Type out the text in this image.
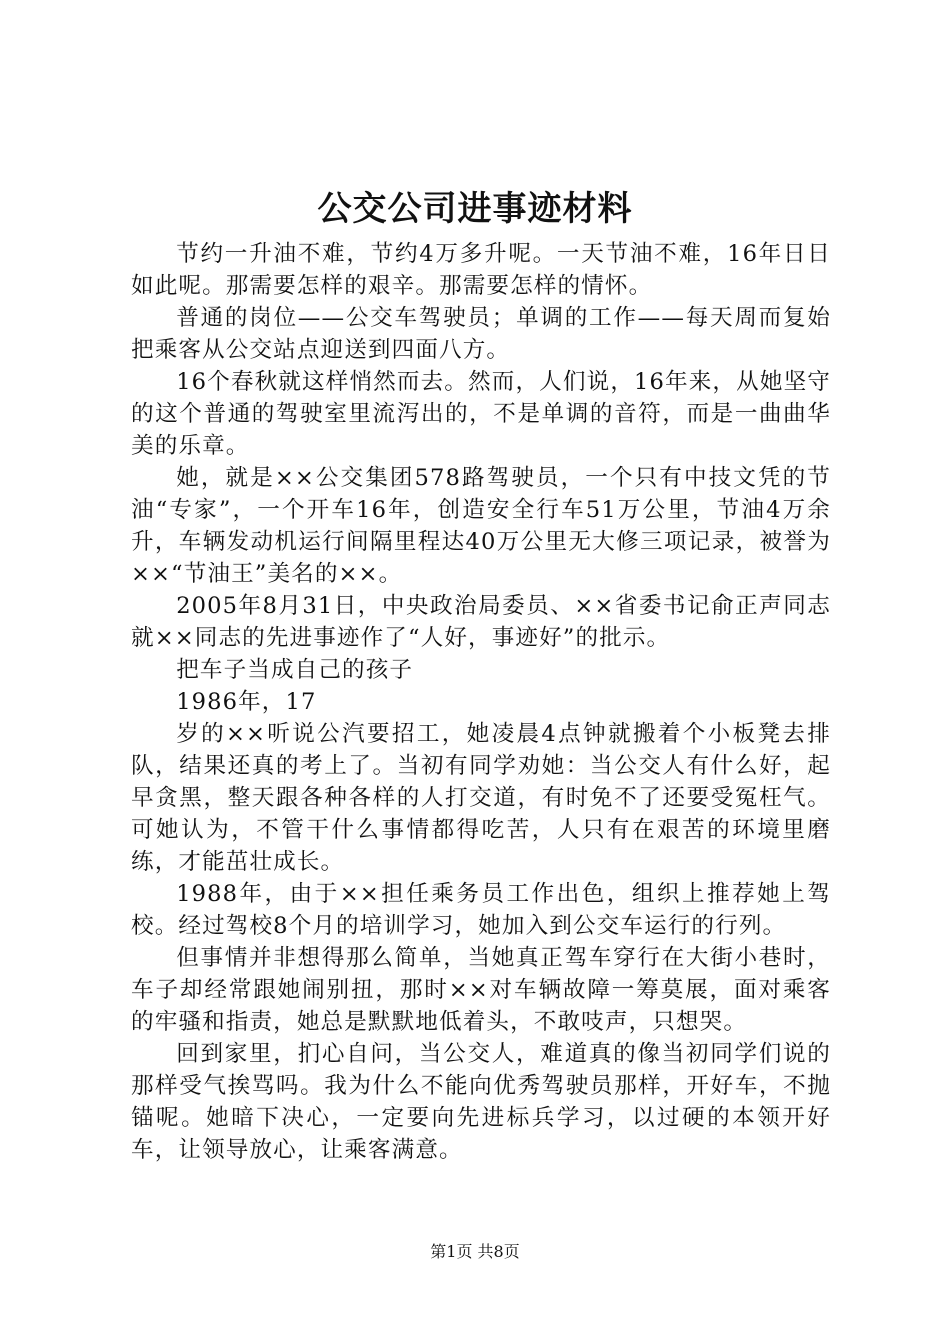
公交公司进事迹材料

节约一升油不难，节约4万多升呢。一天节油不难，16年日日如此呢。那需要怎样的艰辛。那需要怎样的情怀。

普通的岗位——公交车驾驶员；单调的工作——每天周而复始把乘客从公交站点迎送到四面八方。

16个春秋就这样悄然而去。然而，人们说，16年来，从她坚守的这个普通的驾驶室里流泻出的，不是单调的音符，而是一曲曲华美的乐章。

她，就是××公交集团578路驾驶员，一个只有中技文凭的节油“专家”，一个开车16年，创造安全行车51万公里，节油4万余升，车辆发动机运行间隔里程达40万公里无大修三项记录，被誉为××“节油王”美名的××。

2005年8月31日，中央政治局委员、××省委书记俞正声同志就××同志的先进事迹作了“人好，事迹好”的批示。

把车子当成自己的孩子

1986年，17

岁的××听说公汽要招工，她凌晨4点钟就搬着个小板凳去排队，结果还真的考上了。当初有同学劝她：当公交人有什么好，起早贪黑，整天跟各种各样的人打交道，有时免不了还要受冤枉气。可她认为，不管干什么事情都得吃苦，人只有在艰苦的环境里磨练，才能茁壮成长。

1988年，由于××担任乘务员工作出色，组织上推荐她上驾校。经过驾校8个月的培训学习，她加入到公交车运行的行列。

但事情并非想得那么简单，当她真正驾车穿行在大街小巷时，车子却经常跟她闹别扭，那时××对车辆故障一筹莫展，面对乘客的牢骚和指责，她总是默默地低着头，不敢吱声，只想哭。

回到家里，扪心自问，当公交人，难道真的像当初同学们说的那样受气挨骂吗。我为什么不能向优秀驾驶员那样，开好车，不抛锚呢。她暗下决心，一定要向先进标兵学习，以过硬的本领开好车，让领导放心，让乘客满意。

第1页 共8页
